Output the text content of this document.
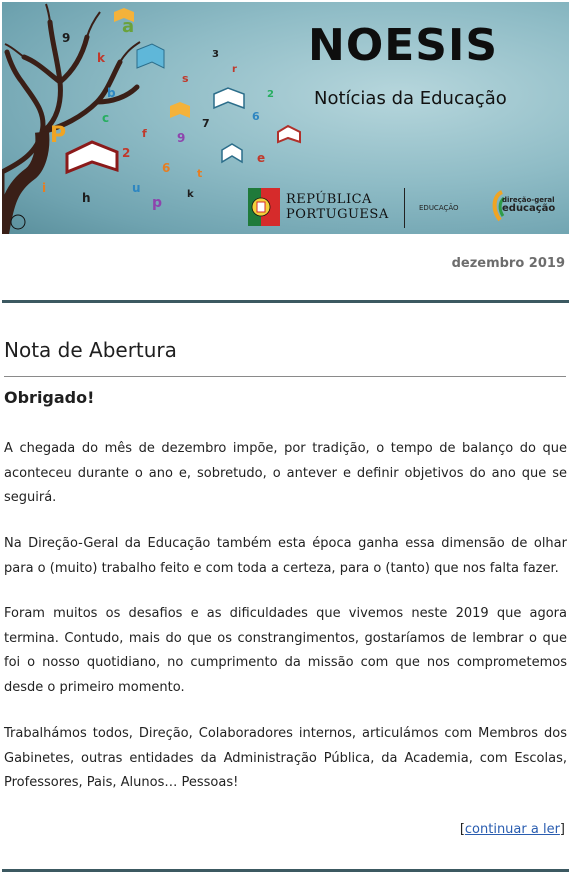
P
a
9
k
p
u
6
s
7
6
c
f	9
t
e
h
i
b
3
r
2
2
k
NOESIS
Notícias da Educação
REPÚBLICA
PORTUGUESA	EDUCAÇÃO
direção-geral
educação
dezembro 2019
Nota de Abertura
Obrigado!

A chegada do mês de dezembro impõe, por tradição, o tempo de balanço do que aconteceu durante o ano e, sobretudo, o antever e definir objetivos do ano que se seguirá.

Na Direção-Geral da Educação também esta época ganha essa dimensão de olhar para o (muito) trabalho feito e com toda a certeza, para o (tanto) que nos falta fazer.

Foram muitos os desafios e as dificuldades que vivemos neste 2019 que agora termina. Contudo, mais do que os constrangimentos, gostaríamos de lembrar o que foi o nosso quotidiano, no cumprimento da missão com que nos comprometemos desde o primeiro momento.

Trabalhámos todos, Direção, Colaboradores internos, articulámos com Membros dos Gabinetes, outras entidades da Administração Pública, da Academia, com Escolas, Professores, Pais, Alunos… Pessoas!

[continuar a ler]
